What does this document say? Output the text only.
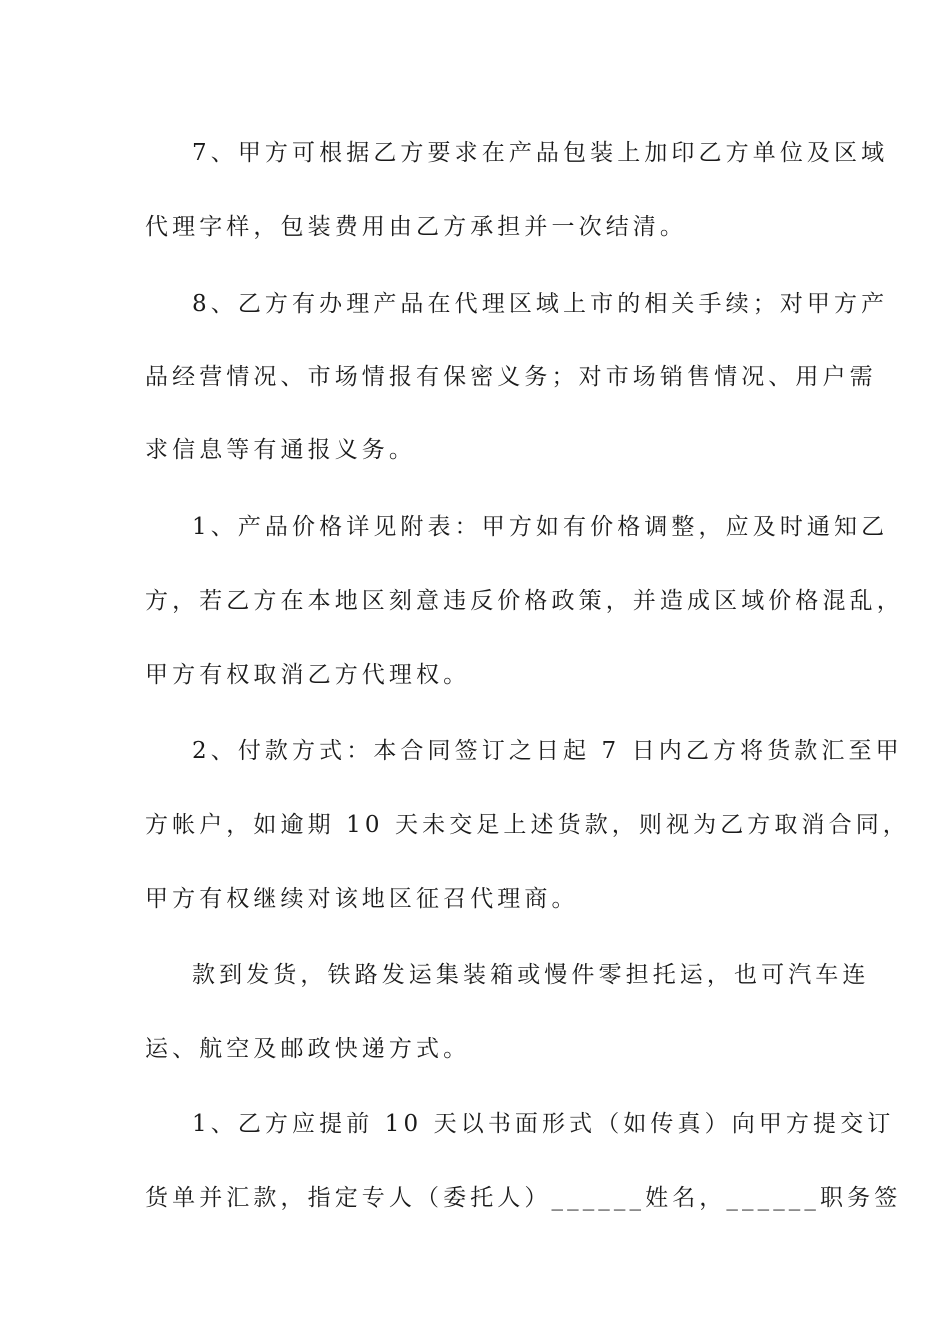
7、甲方可根据乙方要求在产品包装上加印乙方单位及区域
代理字样，包装费用由乙方承担并一次结清。
8、乙方有办理产品在代理区域上市的相关手续；对甲方产
品经营情况、市场情报有保密义务；对市场销售情况、用户需
求信息等有通报义务。
1、产品价格详见附表：甲方如有价格调整，应及时通知乙
方，若乙方在本地区刻意违反价格政策，并造成区域价格混乱，
甲方有权取消乙方代理权。
2、付款方式：本合同签订之日起 7 日内乙方将货款汇至甲
方帐户，如逾期 10 天未交足上述货款，则视为乙方取消合同，
甲方有权继续对该地区征召代理商。
款到发货，铁路发运集装箱或慢件零担托运，也可汽车连
运、航空及邮政快递方式。
1、乙方应提前 10 天以书面形式（如传真）向甲方提交订
货单并汇款，指定专人（委托人）______姓名，______职务签
